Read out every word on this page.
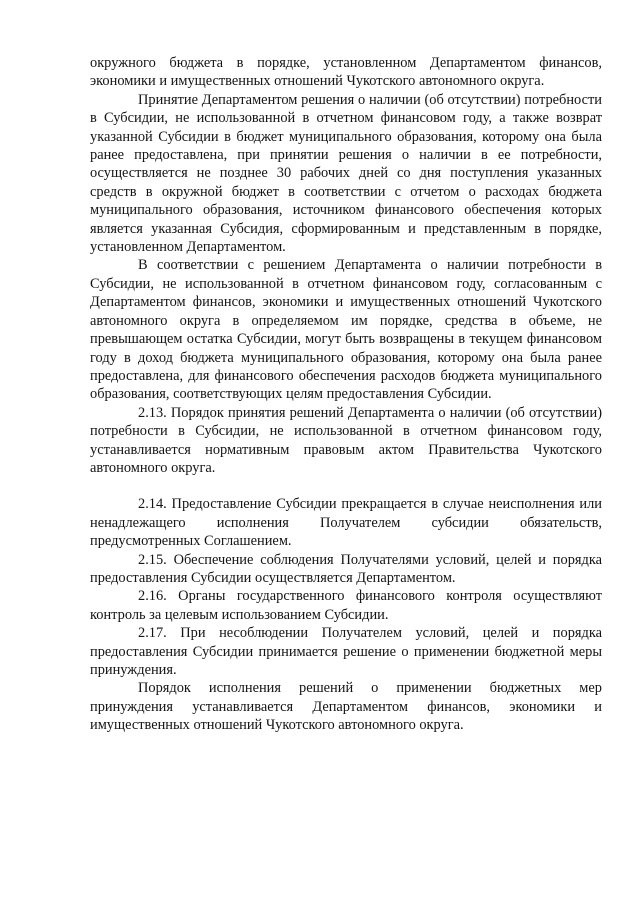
окружного бюджета в порядке, установленном Департаментом финансов, экономики и имущественных отношений Чукотского автономного округа.

Принятие Департаментом решения о наличии (об отсутствии) потребности в Субсидии, не использованной в отчетном финансовом году, а также возврат указанной Субсидии в бюджет муниципального образования, которому она была ранее предоставлена, при принятии решения о наличии в ее потребности, осуществляется не позднее 30 рабочих дней со дня поступления указанных средств в окружной бюджет в соответствии с отчетом о расходах бюджета муниципального образования, источником финансового обеспечения которых является указанная Субсидия, сформированным и представленным в порядке, установленном Департаментом.

В соответствии с решением Департамента о наличии потребности в Субсидии, не использованной в отчетном финансовом году, согласованным с Департаментом финансов, экономики и имущественных отношений Чукотского автономного округа в определяемом им порядке, средства в объеме, не превышающем остатка Субсидии, могут быть возвращены в текущем финансовом году в доход бюджета муниципального образования, которому она была ранее предоставлена, для финансового обеспечения расходов бюджета муниципального образования, соответствующих целям предоставления Субсидии.

2.13. Порядок принятия решений Департамента о наличии (об отсутствии) потребности в Субсидии, не использованной в отчетном финансовом году, устанавливается нормативным правовым актом Правительства Чукотского автономного округа.

2.14. Предоставление Субсидии прекращается в случае неисполнения или ненадлежащего исполнения Получателем субсидии обязательств, предусмотренных Соглашением.

2.15. Обеспечение соблюдения Получателями условий, целей и порядка предоставления Субсидии осуществляется Департаментом.

2.16. Органы государственного финансового контроля осуществляют контроль за целевым использованием Субсидии.

2.17. При несоблюдении Получателем условий, целей и порядка предоставления Субсидии принимается решение о применении бюджетной меры принуждения.

Порядок исполнения решений о применении бюджетных мер принуждения устанавливается Департаментом финансов, экономики и имущественных отношений Чукотского автономного округа.
